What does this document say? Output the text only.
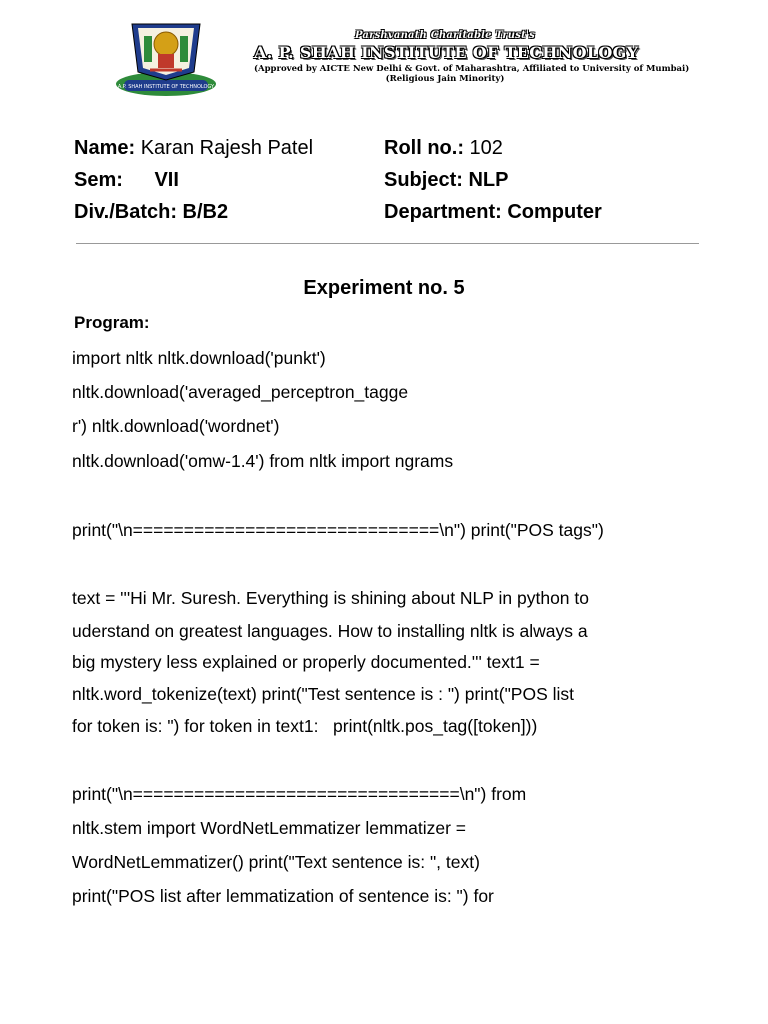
A.P. SHAH INSTITUTE OF TECHNOLOGY
Parshvanath Charitable Trust's
A. P. SHAH INSTITUTE OF TECHNOLOGY
(Approved by AICTE New Delhi & Govt. of Maharashtra, Affiliated to University of Mumbai)
(Religious Jain Minority)
Name: Karan Rajesh Patel	Roll no.: 102
Sem: VII	Subject: NLP
Div./Batch: B/B2	Department: Computer
Experiment no. 5
Program:
import nltk nltk.download('punkt')
nltk.download('averaged_perceptron_tagge
r') nltk.download('wordnet')
nltk.download('omw-1.4') from nltk import ngrams
print("\n==============================\n") print("POS tags")
text = '''Hi Mr. Suresh. Everything is shining about NLP in python to
uderstand on greatest languages. How to installing nltk is always a
big mystery less explained or properly documented.''' text1 =
nltk.word_tokenize(text) print("Test sentence is : ") print("POS list
for token is: ") for token in text1:   print(nltk.pos_tag([token]))
print("\n================================\n") from
nltk.stem import WordNetLemmatizer lemmatizer =
WordNetLemmatizer() print("Text sentence is: ", text)
print("POS list after lemmatization of sentence is: ") for
